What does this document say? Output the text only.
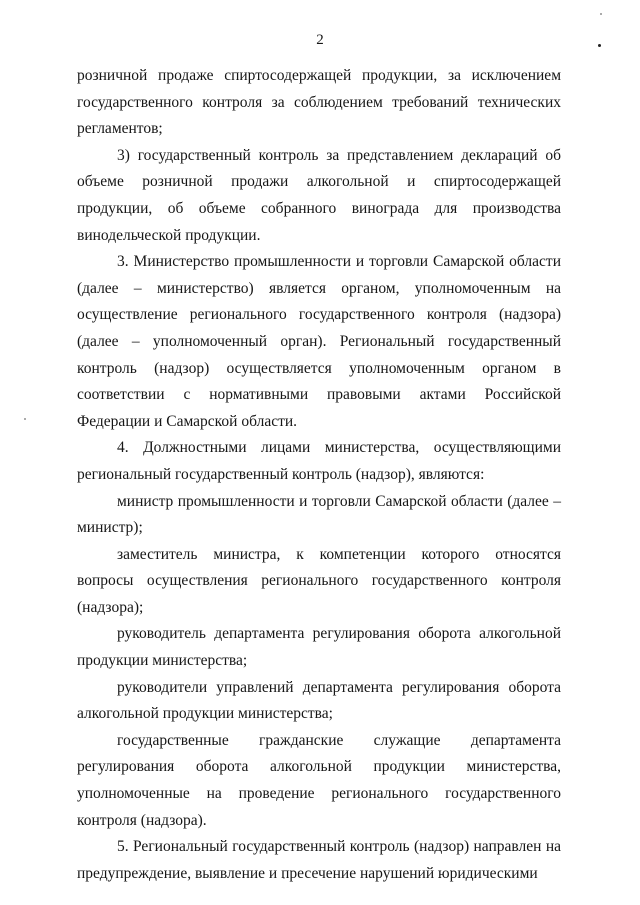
2

розничной продаже спиртосодержащей продукции, за исключением государственного контроля за соблюдением требований технических регламентов;

3) государственный контроль за представлением деклараций об объеме розничной продажи алкогольной и спиртосодержащей продукции, об объеме собранного винограда для производства винодельческой продукции.

3. Министерство промышленности и торговли Самарской области (далее – министерство) является органом, уполномоченным на осуществление регионального государственного контроля (надзора) (далее – уполномоченный орган). Региональный государственный контроль (надзор) осуществляется уполномоченным органом в соответствии с нормативными правовыми актами Российской Федерации и Самарской области.

4. Должностными лицами министерства, осуществляющими региональный государственный контроль (надзор), являются:

министр промышленности и торговли Самарской области (далее – министр);

заместитель министра, к компетенции которого относятся вопросы осуществления регионального государственного контроля (надзора);

руководитель департамента регулирования оборота алкогольной продукции министерства;

руководители управлений департамента регулирования оборота алкогольной продукции министерства;

государственные гражданские служащие департамента регулирования оборота алкогольной продукции министерства, уполномоченные на проведение регионального государственного контроля (надзора).

5. Региональный государственный контроль (надзор) направлен на предупреждение, выявление и пресечение нарушений юридическими
